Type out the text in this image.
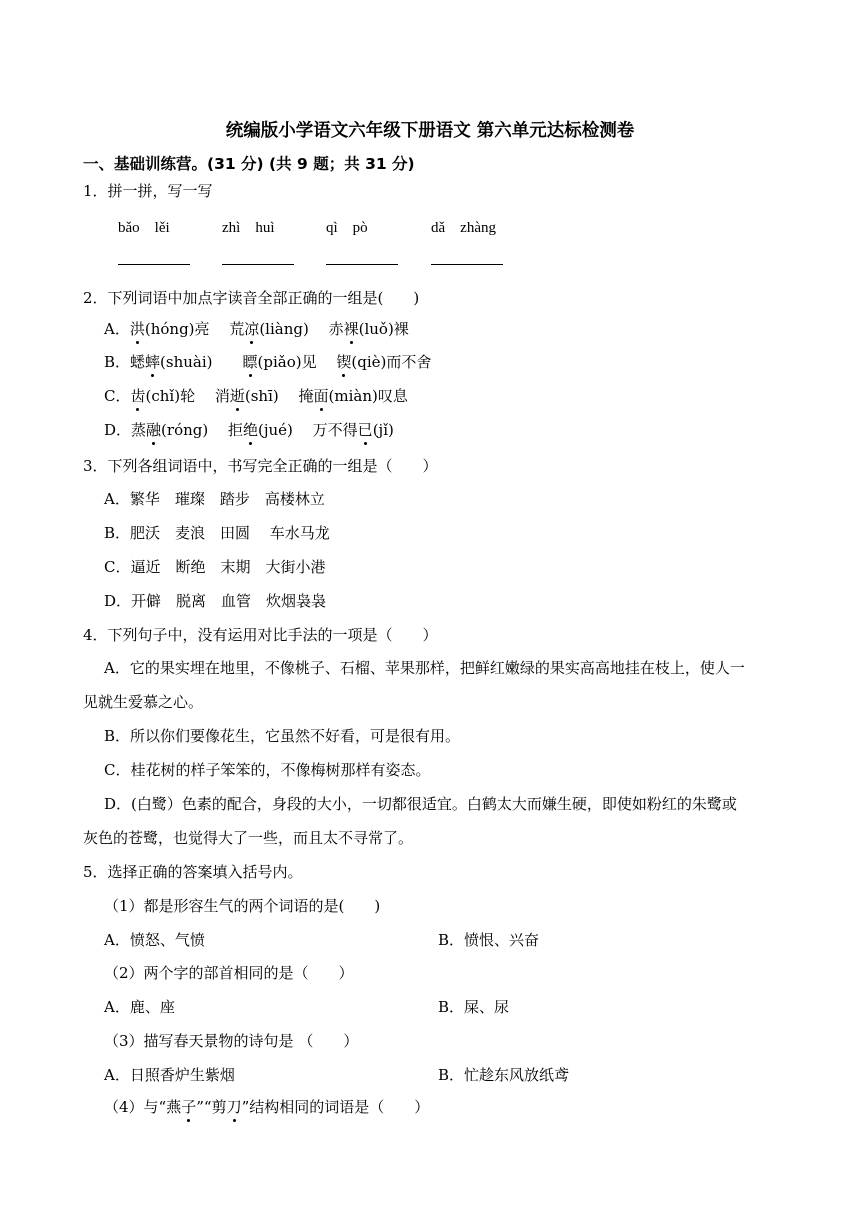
统编版小学语文六年级下册语文 第六单元达标检测卷
一、基础训练营。(31 分) (共 9 题；共 31 分)
1．拼一拼，写一写
bǎo　lěi	zhì　huì	qì　pò	dǎ　zhàng
2．下列词语中加点字读音全部正确的一组是(　　)
A．洪(hóng)亮　 荒凉(liàng)　 赤裸(luǒ)裸
B．蟋蟀(shuài)　　瞟(piǎo)见　 锲(qiè)而不舍
C．齿(chǐ)轮　 消逝(shī)　 掩面(miàn)叹息
D．蒸融(róng)　 拒绝(jué)　 万不得已(jǐ)
3．下列各组词语中，书写完全正确的一组是（　　）
A．繁华　璀璨　踏步　高楼林立
B．肥沃　麦浪　田圆　 车水马龙
C．逼近　断绝　末期　大街小港
D．开僻　脱离　血管　炊烟袅袅
4．下列句子中，没有运用对比手法的一项是（　　）
A．它的果实埋在地里，不像桃子、石榴、苹果那样，把鲜红嫩绿的果实高高地挂在枝上，使人一
见就生爱慕之心。
B．所以你们要像花生，它虽然不好看，可是很有用。
C．桂花树的样子笨笨的，不像梅树那样有姿态。
D．(白鹭）色素的配合，身段的大小，一切都很适宜。白鹤太大而嫌生硬，即使如粉红的朱鹭或
灰色的苍鹭，也觉得大了一些，而且太不寻常了。
5．选择正确的答案填入括号内。
（1）都是形容生气的两个词语的是(　　)
A．愤怒、气愤	B．愤恨、兴奋
（2）两个字的部首相同的是（　　）
A．鹿、座	B．屎、尿
（3）描写春天景物的诗句是 （　　）
A．日照香炉生紫烟	B．忙趁东风放纸鸢
（4）与“燕子”“剪刀”结构相同的词语是（　　）
